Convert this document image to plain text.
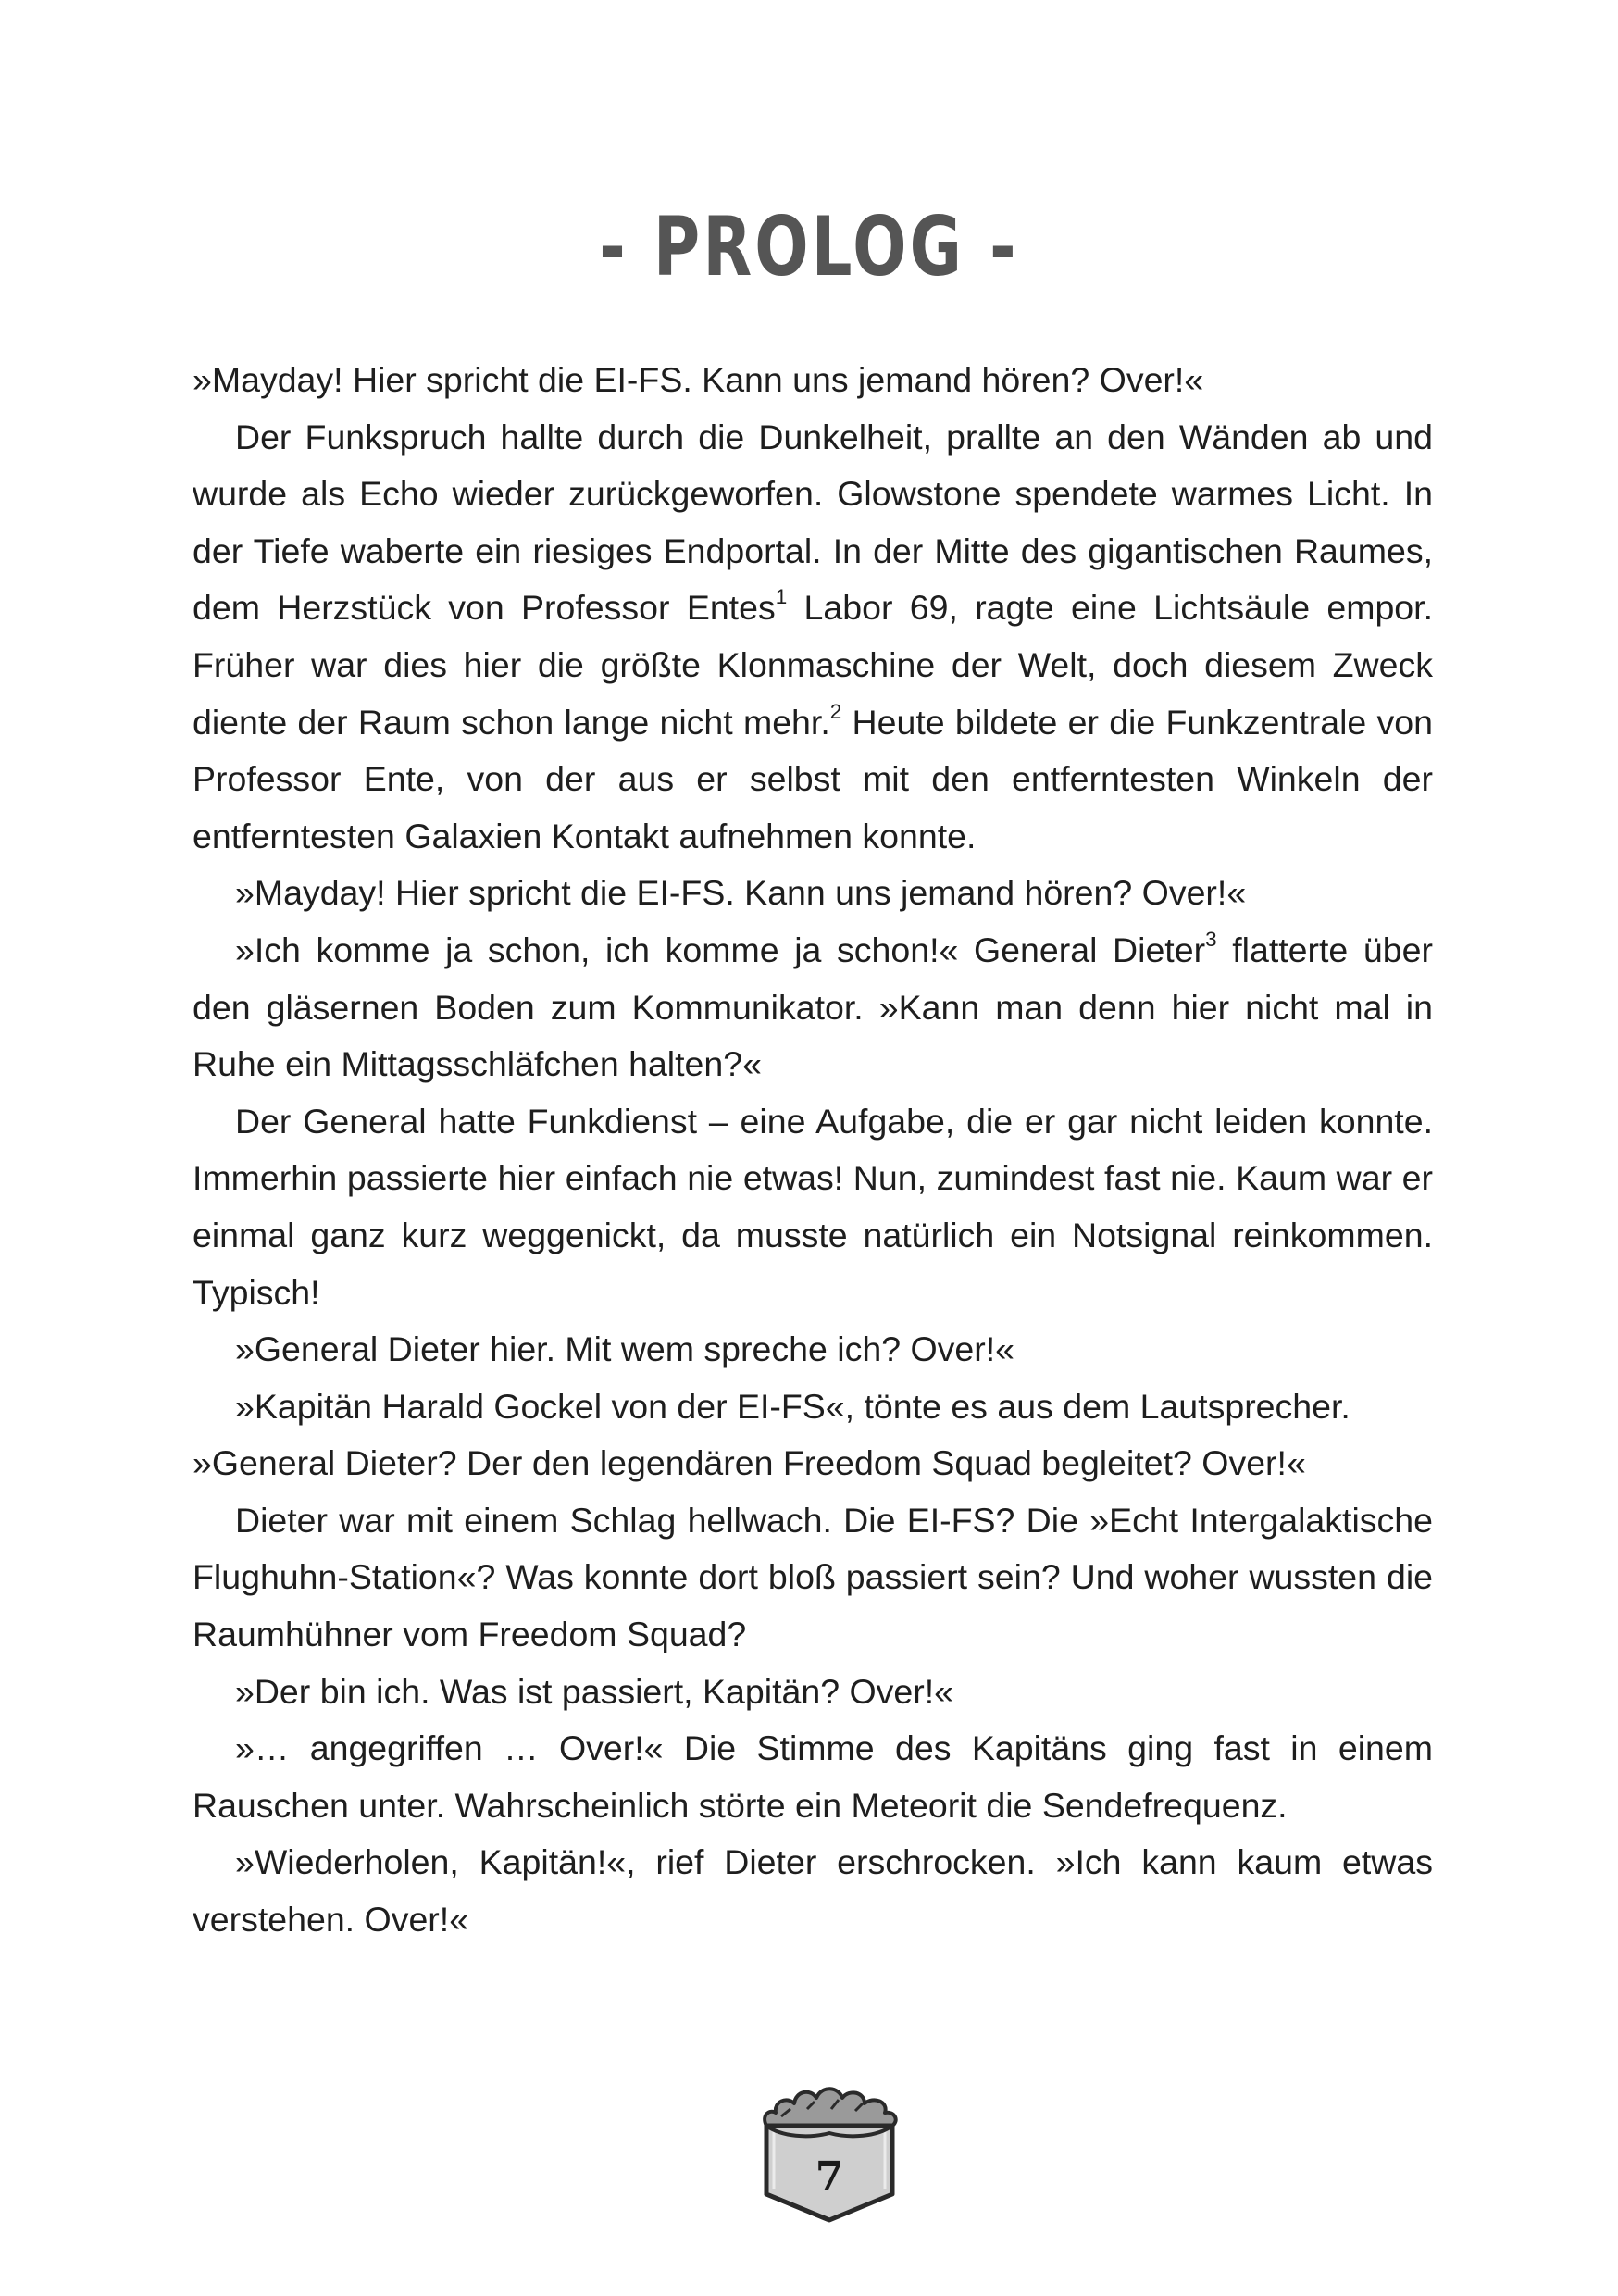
- PROLOG -

»Mayday! Hier spricht die EI-FS. Kann uns jemand hören? Over!«

Der Funkspruch hallte durch die Dunkelheit, prallte an den Wänden ab und wurde als Echo wieder zurückgeworfen. Glowstone spendete warmes Licht. In der Tiefe waberte ein riesiges Endportal. In der Mitte des gigantischen Raumes, dem Herzstück von Professor Entes$^1$ Labor 69, ragte eine Lichtsäule empor. Früher war dies hier die größte Klonmaschine der Welt, doch diesem Zweck diente der Raum schon lange nicht mehr.$^2$ Heute bildete er die Funkzentrale von Professor Ente, von der aus er selbst mit den entferntesten Winkeln der entferntesten Galaxien Kontakt aufnehmen konnte.

»Mayday! Hier spricht die EI-FS. Kann uns jemand hören? Over!«

»Ich komme ja schon, ich komme ja schon!« General Dieter$^3$ flatterte über den gläsernen Boden zum Kommunikator. »Kann man denn hier nicht mal in Ruhe ein Mittagsschläfchen halten?«

Der General hatte Funkdienst – eine Aufgabe, die er gar nicht leiden konnte. Immerhin passierte hier einfach nie etwas! Nun, zumindest fast nie. Kaum war er einmal ganz kurz weggenickt, da musste natürlich ein Notsignal reinkommen. Typisch!

»General Dieter hier. Mit wem spreche ich? Over!«

»Kapitän Harald Gockel von der EI-FS«, tönte es aus dem Lautsprecher.

»General Dieter? Der den legendären Freedom Squad begleitet? Over!«

Dieter war mit einem Schlag hellwach. Die EI-FS? Die »Echt Intergalaktische Flughuhn-Station«? Was konnte dort bloß passiert sein? Und woher wussten die Raumhühner vom Freedom Squad?

»Der bin ich. Was ist passiert, Kapitän? Over!«

»… angegriffen … Over!« Die Stimme des Kapitäns ging fast in einem Rauschen unter. Wahrscheinlich störte ein Meteorit die Sendefrequenz.

»Wiederholen, Kapitän!«, rief Dieter erschrocken. »Ich kann kaum etwas verstehen. Over!«

7
